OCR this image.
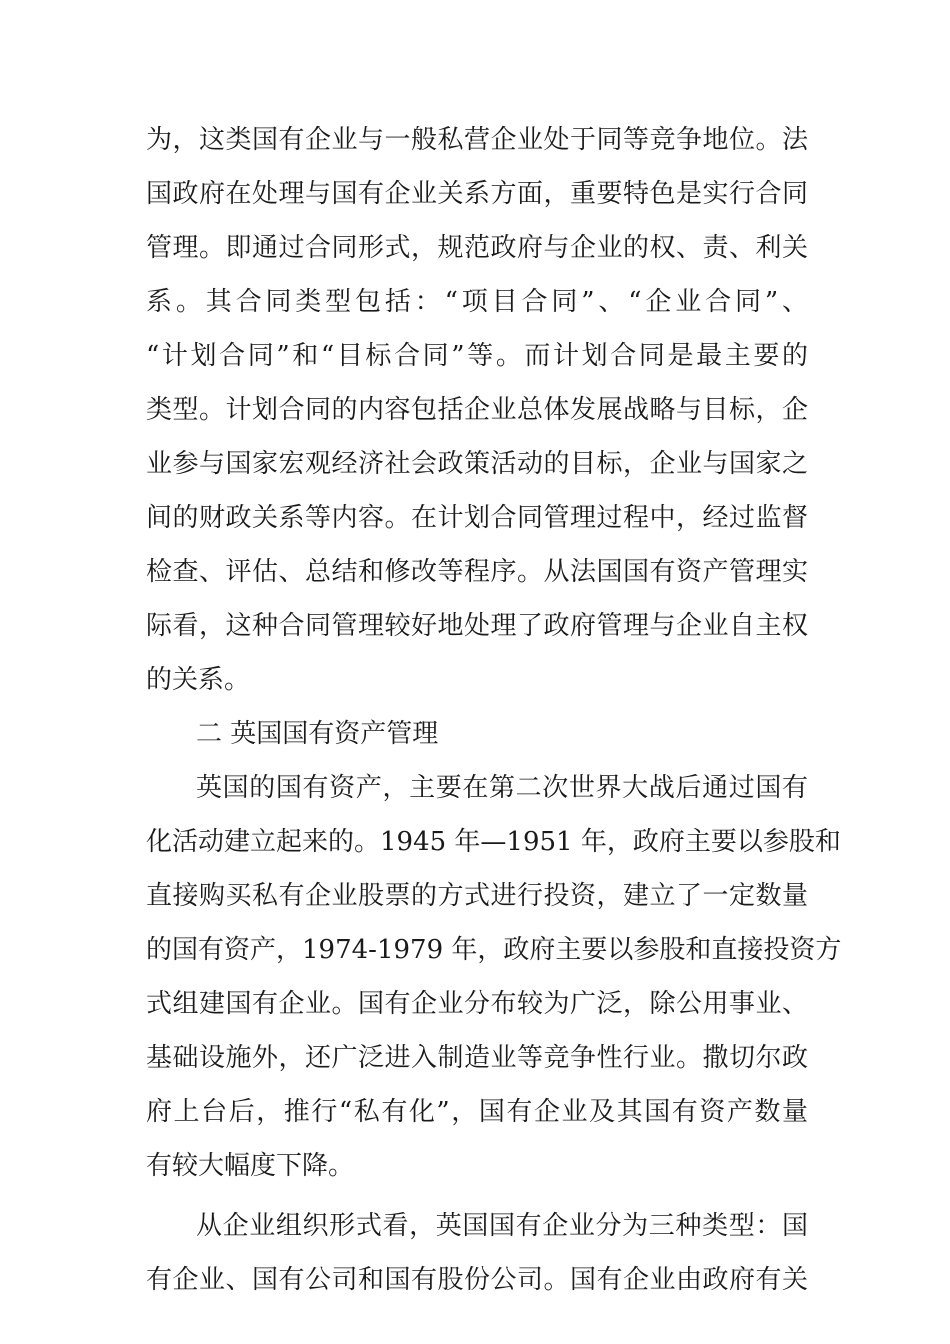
为，这类国有企业与一般私营企业处于同等竞争地位。法
国政府在处理与国有企业关系方面，重要特色是实行合同
管理。即通过合同形式，规范政府与企业的权、责、利关
系。其合同类型包括：“项目合同”、“企业合同”、
“计划合同”和“目标合同”等。而计划合同是最主要的
类型。计划合同的内容包括企业总体发展战略与目标，企
业参与国家宏观经济社会政策活动的目标，企业与国家之
间的财政关系等内容。在计划合同管理过程中，经过监督
检查、评估、总结和修改等程序。从法国国有资产管理实
际看，这种合同管理较好地处理了政府管理与企业自主权
的关系。
二 英国国有资产管理
英国的国有资产，主要在第二次世界大战后通过国有
化活动建立起来的。1945 年—1951 年，政府主要以参股和
直接购买私有企业股票的方式进行投资，建立了一定数量
的国有资产，1974-1979 年，政府主要以参股和直接投资方
式组建国有企业。国有企业分布较为广泛，除公用事业、
基础设施外，还广泛进入制造业等竞争性行业。撒切尔政
府上台后，推行“私有化”，国有企业及其国有资产数量
有较大幅度下降。
从企业组织形式看，英国国有企业分为三种类型：国
有企业、国有公司和国有股份公司。国有企业由政府有关
